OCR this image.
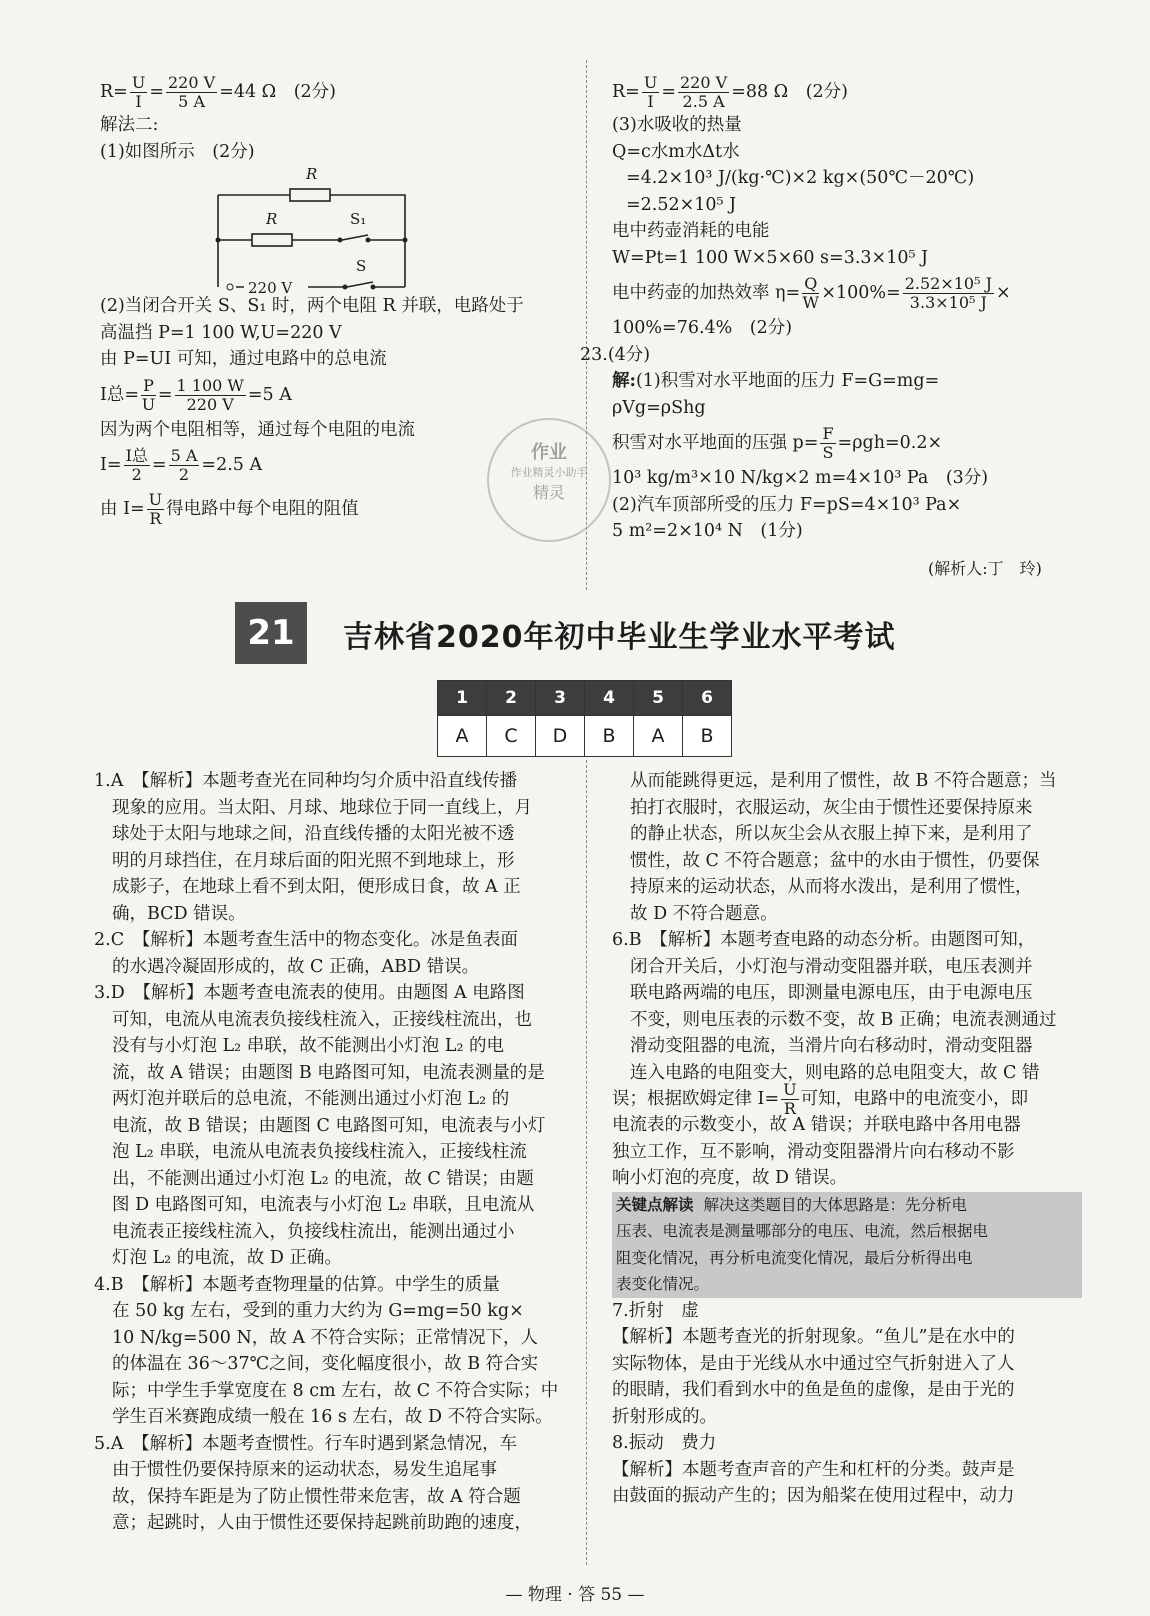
$R= \frac{U}{I} = \frac{220 V}{5 A} =44$ Ω　(2分)
解法二:
(1)如图所示　(2分)
R
R	S₁
S
220 V
(2)当闭合开关 S、S₁ 时，两个电阻 R 并联，电路处于
高温挡 P=1 100 W,U=220 V
由 P=UI 可知，通过电路中的总电流
I总= $\frac{P}{U} = \frac{1 100 W}{220 V} =5$ A
因为两个电阻相等，通过每个电阻的电流
$I= \frac{\text{I总}}{2} = \frac{5 A}{2} =2.5$ A
由 $I= \frac{U}{R}$ 得电路中每个电阻的阻值
作业
作业精灵小助手
精灵
$R= \frac{U}{I} = \frac{220 V}{2.5 A} =88$ Ω　(2分)
(3)水吸收的热量
Q=c水m水Δt水
=4.2×10³ J/(kg·℃)×2 kg×(50℃－20℃)
=2.52×10⁵ J
电中药壶消耗的电能
W=Pt=1 100 W×5×60 s=3.3×10⁵ J
电中药壶的加热效率 $\eta= \frac{Q}{W} \times 100\%= \frac{\text{2.52×10⁵ J}}{\text{3.3×10⁵ J}}$ ×
100%=76.4%　(2分)
23.(4分)
解:(1)积雪对水平地面的压力 F=G=mg=
ρVg=ρShg
积雪对水平地面的压强 $p= \frac{F}{S} =\rho gh=0.2\times$
10³ kg/m³×10 N/kg×2 m=4×10³ Pa　(3分)
(2)汽车顶部所受的压力 F=pS=4×10³ Pa×
5 m²=2×10⁴ N　(1分)
(解析人:丁　玲)
21	吉林省2020年初中毕业生学业水平考试
1	2	3	4	5	6
A	C	D	B	A	B
1.A　【解析】本题考查光在同种均匀介质中沿直线传播
现象的应用。当太阳、月球、地球位于同一直线上，月
球处于太阳与地球之间，沿直线传播的太阳光被不透
明的月球挡住，在月球后面的阳光照不到地球上，形
成影子，在地球上看不到太阳，便形成日食，故 A 正
确，BCD 错误。
2.C　【解析】本题考查生活中的物态变化。冰是鱼表面
的水遇冷凝固形成的，故 C 正确，ABD 错误。
3.D　【解析】本题考查电流表的使用。由题图 A 电路图
可知，电流从电流表负接线柱流入，正接线柱流出，也
没有与小灯泡 L₂ 串联，故不能测出小灯泡 L₂ 的电
流，故 A 错误；由题图 B 电路图可知，电流表测量的是
两灯泡并联后的总电流，不能测出通过小灯泡 L₂ 的
电流，故 B 错误；由题图 C 电路图可知，电流表与小灯
泡 L₂ 串联，电流从电流表负接线柱流入，正接线柱流
出，不能测出通过小灯泡 L₂ 的电流，故 C 错误；由题
图 D 电路图可知，电流表与小灯泡 L₂ 串联，且电流从
电流表正接线柱流入，负接线柱流出，能测出通过小
灯泡 L₂ 的电流，故 D 正确。
4.B　【解析】本题考查物理量的估算。中学生的质量
在 50 kg 左右，受到的重力大约为 G=mg=50 kg×
10 N/kg=500 N，故 A 不符合实际；正常情况下，人
的体温在 36～37℃之间，变化幅度很小，故 B 符合实
际；中学生手掌宽度在 8 cm 左右，故 C 不符合实际；中
学生百米赛跑成绩一般在 16 s 左右，故 D 不符合实际。
5.A　【解析】本题考查惯性。行车时遇到紧急情况，车
由于惯性仍要保持原来的运动状态，易发生追尾事
故，保持车距是为了防止惯性带来危害，故 A 符合题
意；起跳时，人由于惯性还要保持起跳前助跑的速度，
从而能跳得更远，是利用了惯性，故 B 不符合题意；当
拍打衣服时，衣服运动，灰尘由于惯性还要保持原来
的静止状态，所以灰尘会从衣服上掉下来，是利用了
惯性，故 C 不符合题意；盆中的水由于惯性，仍要保
持原来的运动状态，从而将水泼出，是利用了惯性，
故 D 不符合题意。
6.B　【解析】本题考查电路的动态分析。由题图可知，
闭合开关后，小灯泡与滑动变阻器并联，电压表测并
联电路两端的电压，即测量电源电压，由于电源电压
不变，则电压表的示数不变，故 B 正确；电流表测通过
滑动变阻器的电流，当滑片向右移动时，滑动变阻器
连入电路的电阻变大，则电路的总电阻变大，故 C 错
误；根据欧姆定律 $I= \frac{U}{R}$ 可知，电路中的电流变小，即
电流表的示数变小，故 A 错误；并联电路中各用电器
独立工作，互不影响，滑动变阻器滑片向右移动不影
响小灯泡的亮度，故 D 错误。
关键点解读 解决这类题目的大体思路是：先分析电
压表、电流表是测量哪部分的电压、电流，然后根据电
阻变化情况，再分析电流变化情况，最后分析得出电
表变化情况。
7.折射　虚
【解析】本题考查光的折射现象。“鱼儿”是在水中的
实际物体，是由于光线从水中通过空气折射进入了人
的眼睛，我们看到水中的鱼是鱼的虚像，是由于光的
折射形成的。
8.振动　费力
【解析】本题考查声音的产生和杠杆的分类。鼓声是
由鼓面的振动产生的；因为船桨在使用过程中，动力
— 物理 · 答 55 —
